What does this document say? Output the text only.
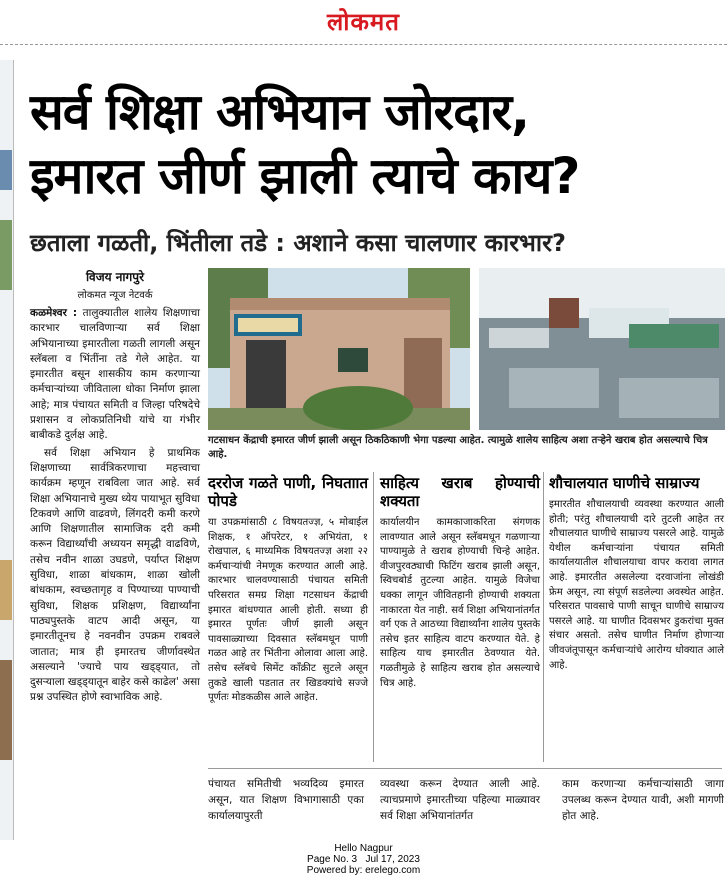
लोकमत
सर्व शिक्षा अभियान जोरदार,
इमारत जीर्ण झाली त्याचे काय?
छताला गळती, भिंतीला तडे : अशाने कसा चालणार कारभार?
विजय नागपुरे
लोकमत न्यूज नेटवर्क

कळमेश्वर : तालुक्यातील शालेय शिक्षणाचा कारभार चालविणाऱ्या सर्व शिक्षा अभियानाच्या इमारतीला गळती लागली असून स्लॅबला व भिंतींना तडे गेले आहेत. या इमारतीत बसून शासकीय काम करणाऱ्या कर्मचाऱ्यांच्या जीविताला धोका निर्माण झाला आहे; मात्र पंचायत समिती व जिल्हा परिषदेचे प्रशासन व लोकप्रतिनिधी यांचे या गंभीर बाबीकडे दुर्लक्ष आहे.

सर्व शिक्षा अभियान हे प्राथमिक शिक्षणाच्या सार्वत्रिकरणाचा महत्त्वाचा कार्यक्रम म्हणून राबविला जात आहे. सर्व शिक्षा अभियानाचे मुख्य ध्येय पायाभूत सुविधा टिकवणे आणि वाढवणे, लिंगदरी कमी करणे आणि शिक्षणातील सामाजिक दरी कमी करून विद्यार्थ्यांची अध्ययन समृद्धी वाढविणे, तसेच नवीन शाळा उघडणे, पर्याप्त शिक्षण सुविधा, शाळा बांधकाम, शाळा खोली बांधकाम, स्वच्छतागृह व पिण्याच्या पाण्याची सुविधा, शिक्षक प्रशिक्षण, विद्यार्थ्यांना पाठ्यपुस्तके वाटप आदी असून, या इमारतीतूनच हे नवनवीन उपक्रम राबवले जातात; मात्र ही इमारतच जीर्णावस्थेत असल्याने 'ज्याचे पाय खड्ड्यात, तो दुसऱ्याला खड्ड्यातून बाहेर कसे काढेल' असा प्रश्न उपस्थित होणे स्वाभाविक आहे.

गटसाधन केंद्राची इमारत जीर्ण झाली असून ठिकठिकाणी भेगा पडल्या आहेत. त्यामुळे शालेय साहित्य अशा तऱ्हेने खराब होत असल्याचे चित्र आहे.
दररोज गळते पाणी, निघताात पोपडे
या उपक्रमांसाठी ८ विषयतज्ज्ञ, ५ मोबाईल शिक्षक, १ ऑपरेटर, १ अभियंता, १ रोखपाल, ६ माध्यमिक विषयतज्ज्ञ अशा २२ कर्मचाऱ्यांची नेमणूक करण्यात आली आहे. कारभार चालवण्यासाठी पंचायत समिती परिसरात समग्र शिक्षा गटसाधन केंद्राची इमारत बांधण्यात आली होती. सध्या ही इमारत पूर्णतः जीर्ण झाली असून पावसाळ्याच्या दिवसात स्लॅबमधून पाणी गळत आहे तर भिंतीना ओलावा आला आहे. तसेच स्लॅबचे सिमेंट काँक्रीट सुटले असून तुकडे खाली पडतात तर खिडक्यांचे सज्जे पूर्णतः मोडकळीस आले आहेत.
साहित्य खराब होण्याची शक्यता
कार्यालयीन कामकाजाकरिता संगणक लावण्यात आले असून स्लॅबमधून गळणाऱ्या पाण्यामुळे ते खराब होण्याची चिन्हे आहेत. वीजपुरवठ्याची फिटिंग खराब झाली असून, स्विचबोर्ड तुटल्या आहेत. यामुळे विजेचा धक्का लागून जीवितहानी होण्याची शक्यता नाकारता येत नाही. सर्व शिक्षा अभियानांतर्गत वर्ग एक ते आठच्या विद्यार्थ्यांना शालेय पुस्तके तसेच इतर साहित्य वाटप करण्यात येते. हे साहित्य याच इमारतीत ठेवण्यात येते. गळतीमुळे हे साहित्य खराब होत असल्याचे चित्र आहे.
शौचालयात घाणीचे साम्राज्य
इमारतीत शौचालयाची व्यवस्था करण्यात आली होती; परंतु शौचालयाची दारे तुटली आहेत तर शौचालयात घाणीचे साम्राज्य पसरले आहे. यामुळे येथील कर्मचाऱ्यांना पंचायत समिती कार्यालयातील शौचालयाचा वापर करावा लागत आहे. इमारतीत असलेल्या दरवाजांना लोखंडी फ्रेम असून, त्या संपूर्ण सडलेल्या अवस्थेत आहेत. परिसरात पावसाचे पाणी साचून घाणीचे साम्राज्य पसरले आहे. या घाणीत दिवसभर डुकरांचा मुक्त संचार असतो. तसेच घाणीत निर्माण होणाऱ्या जीवजंतूपासून कर्मचाऱ्यांचे आरोग्य धोक्यात आले आहे.
पंचायत समितीची भव्यदिव्य इमारत असून, यात शिक्षण विभागासाठी एका कार्यालयापुरती
व्यवस्था करून देण्यात आली आहे. त्याचप्रमाणे इमारतीच्या पहिल्या माळ्यावर सर्व शिक्षा अभियानांतर्गत
काम करणाऱ्या कर्मचाऱ्यांसाठी जागा उपलब्ध करून देण्यात यावी, अशी मागणी होत आहे.
Hello Nagpur
Page No. 3 Jul 17, 2023
Powered by: erelego.com
